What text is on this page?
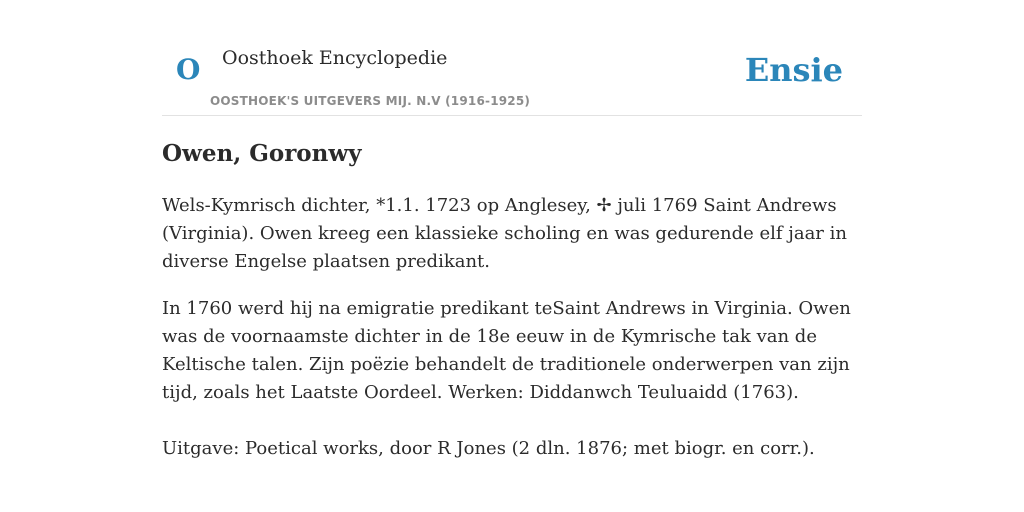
O Oosthoek Encyclopedie
OOSTHOEK'S UITGEVERS MIJ. N.V (1916-1925)
Ensie
Owen, Goronwy

Wels-Kymrisch dichter, *1.1. 1723 op Anglesey, ✢ juli 1769 Saint Andrews (Virginia). Owen kreeg een klassieke scholing en was gedurende elf jaar in diverse Engelse plaatsen predikant.

In 1760 werd hij na emigratie predikant teSaint Andrews in Virginia. Owen was de voornaamste dichter in de 18e eeuw in de Kymrische tak van de Keltische talen. Zijn poëzie behandelt de traditionele onderwerpen van zijn tijd, zoals het Laatste Oordeel. Werken: Diddanwch Teuluaidd (1763).

Uitgave: Poetical works, door R Jones (2 dln. 1876; met biogr. en corr.).
